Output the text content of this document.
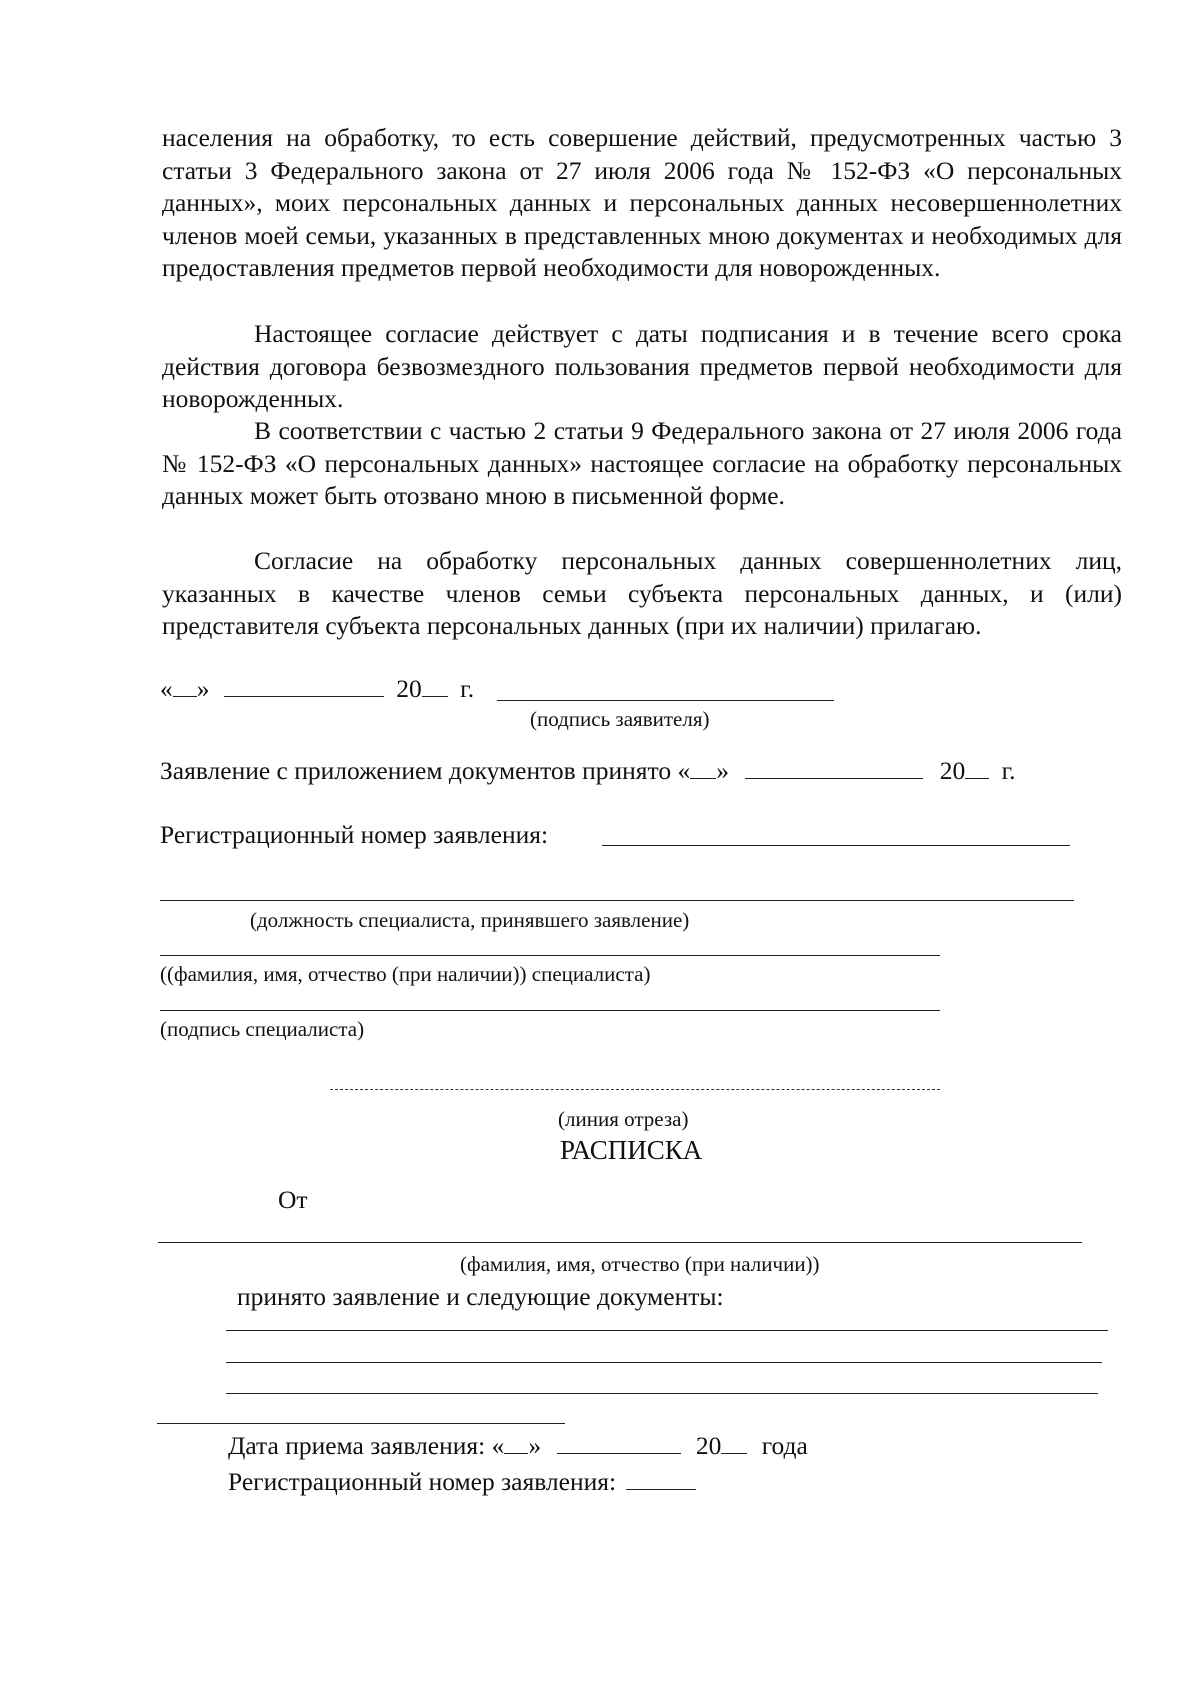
населения на обработку, то есть совершение действий, предусмотренных частью 3 статьи 3 Федерального закона от 27 июля 2006 года № 152-ФЗ «О персональных данных», моих персональных данных и персональных данных несовершеннолетних членов моей семьи, указанных в представленных мною документах и необходимых для предоставления предметов первой необходимости для новорожденных.
Настоящее согласие действует с даты подписания и в течение всего срока действия договора безвозмездного пользования предметов первой необходимости для новорожденных.
В соответствии с частью 2 статьи 9 Федерального закона от 27 июля 2006 года № 152-ФЗ «О персональных данных» настоящее согласие на обработку персональных данных может быть отозвано мною в письменной форме.
Согласие на обработку персональных данных совершеннолетних лиц, указанных в качестве членов семьи субъекта персональных данных, и (или) представителя субъекта персональных данных (при их наличии) прилагаю.
« »	20 г.
(подпись заявителя)
Заявление с приложением документов принято « »	20 г.
Регистрационный номер заявления:
(должность специалиста, принявшего заявление)
((фамилия, имя, отчество (при наличии)) специалиста)
(подпись специалиста)
(линия отреза)
РАСПИСКА
От
(фамилия, имя, отчество (при наличии))
принято заявление и следующие документы:
Дата приема заявления: « »	20 года
Регистрационный номер заявления:
